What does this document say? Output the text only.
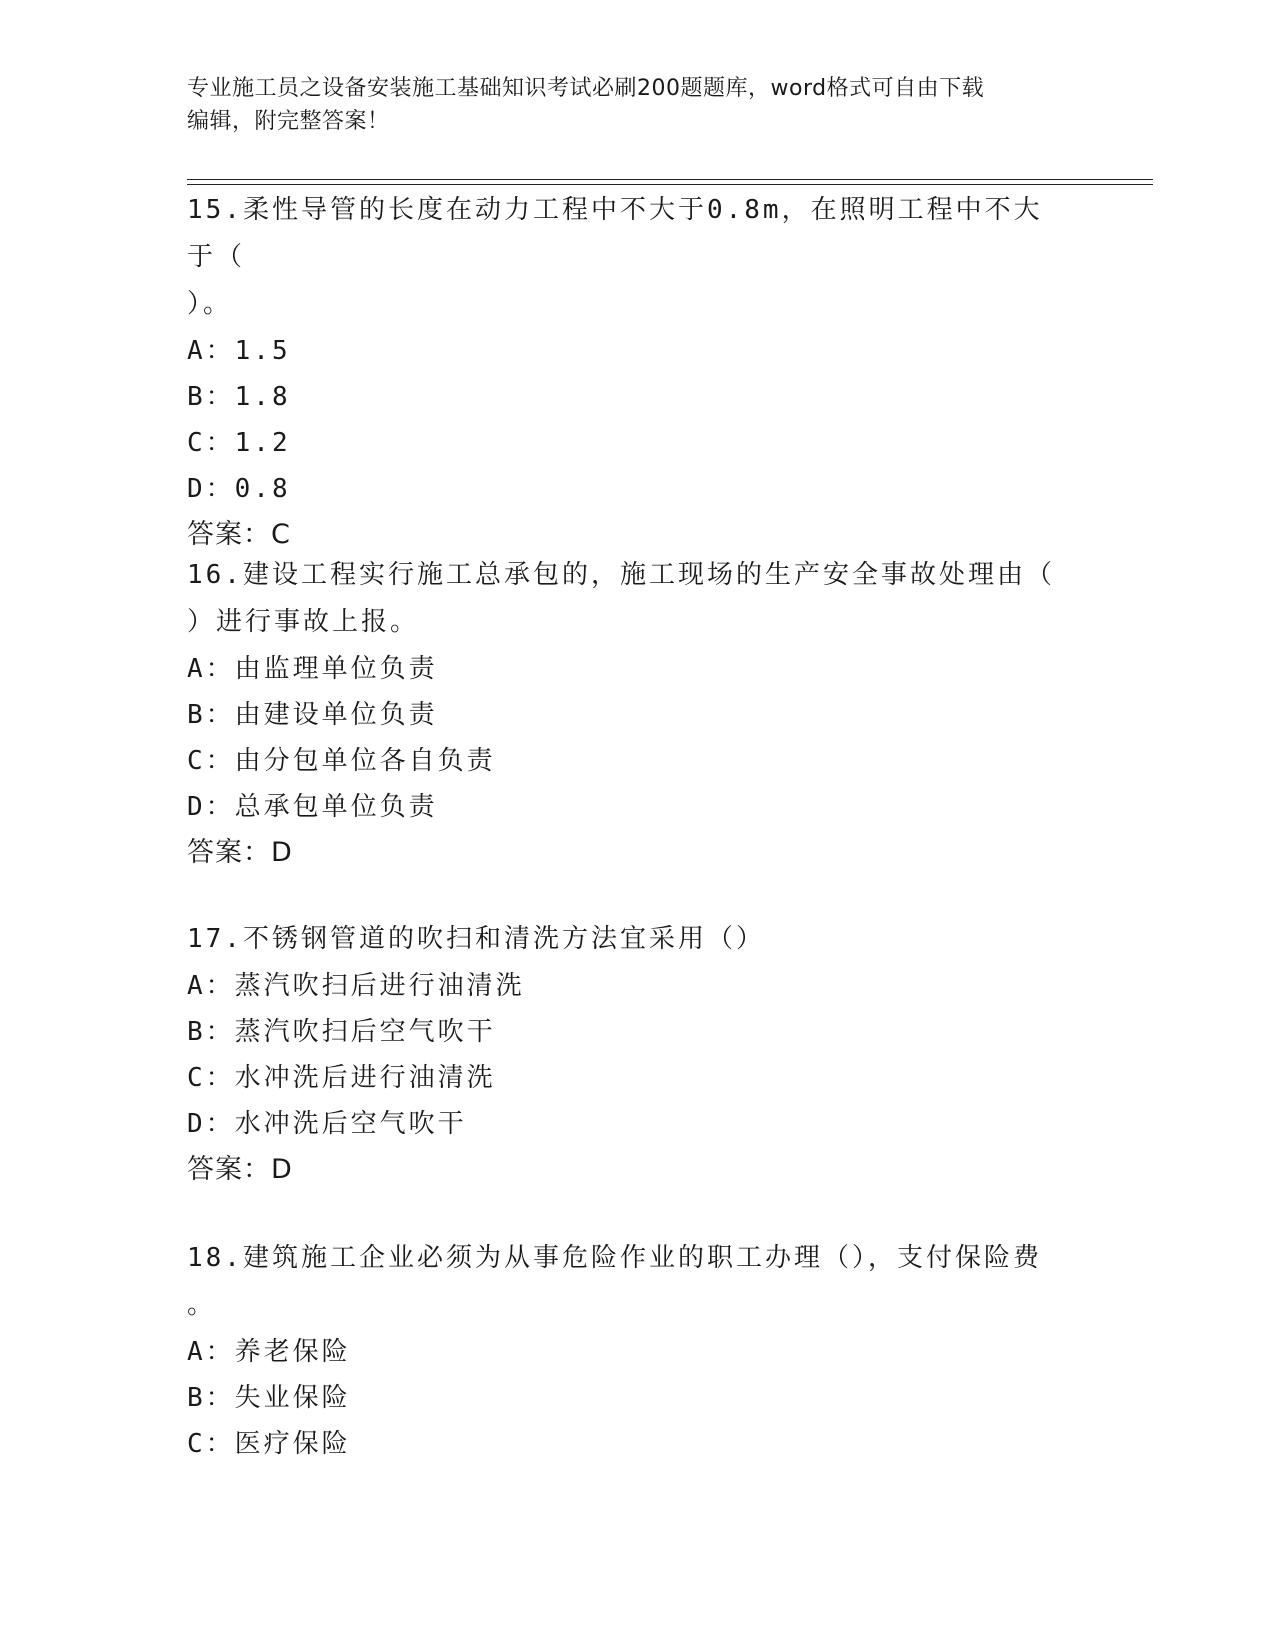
专业施工员之设备安装施工基础知识考试必刷200题题库，word格式可自由下载
编辑，附完整答案！
15.柔性导管的长度在动力工程中不大于0.8m，在照明工程中不大于（
）。
A：1.5
B：1.8
C：1.2
D：0.8
答案：C
16.建设工程实行施工总承包的，施工现场的生产安全事故处理由（
）进行事故上报。
A：由监理单位负责
B：由建设单位负责
C：由分包单位各自负责
D：总承包单位负责
答案：D
17.不锈钢管道的吹扫和清洗方法宜采用（）
A：蒸汽吹扫后进行油清洗
B：蒸汽吹扫后空气吹干
C：水冲洗后进行油清洗
D：水冲洗后空气吹干
答案：D
18.建筑施工企业必须为从事危险作业的职工办理（），支付保险费
。
A：养老保险
B：失业保险
C：医疗保险
